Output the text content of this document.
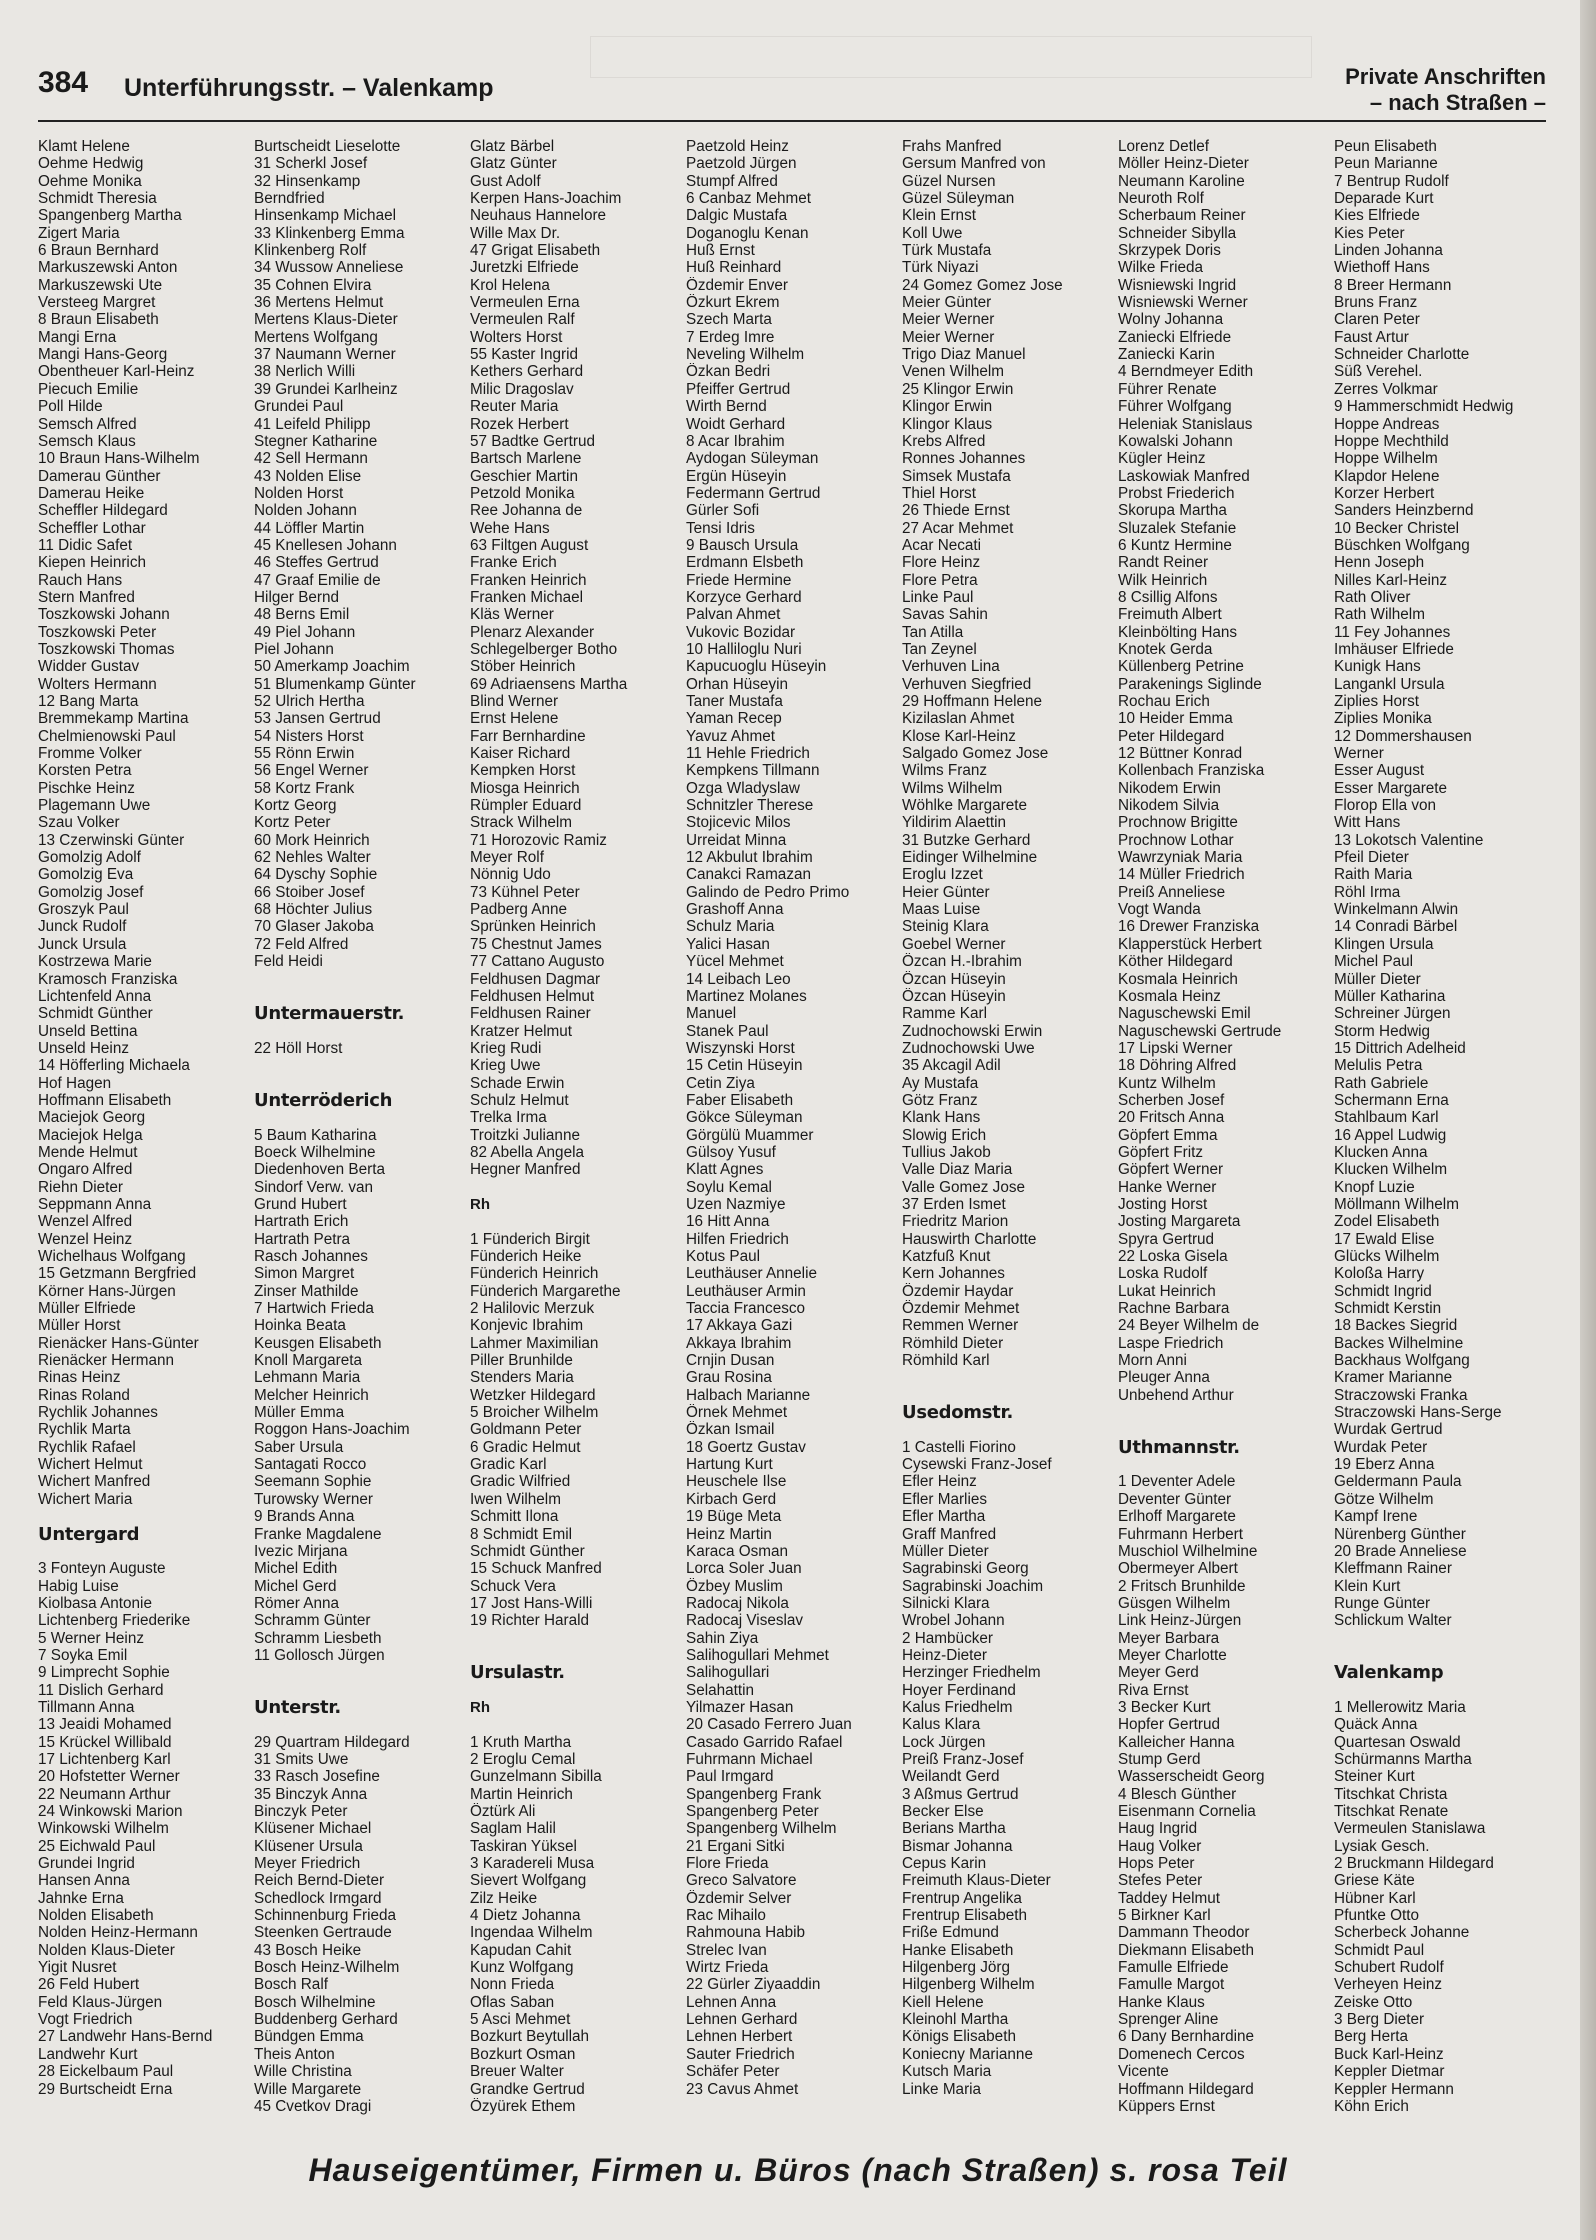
384 Unterführungsstr. – Valenkamp	Private Anschriften
– nach Straßen –
Klamt Helene
Oehme Hedwig
Oehme Monika
Schmidt Theresia
Spangenberg Martha
Zigert Maria
6 Braun Bernhard
Markuszewski Anton
Markuszewski Ute
Versteeg Margret
8 Braun Elisabeth
Mangi Erna
Mangi Hans-Georg
Obentheuer Karl-Heinz
Piecuch Emilie
Poll Hilde
Semsch Alfred
Semsch Klaus
10 Braun Hans-Wilhelm
Damerau Günther
Damerau Heike
Scheffler Hildegard
Scheffler Lothar
11 Didic Safet
Kiepen Heinrich
Rauch Hans
Stern Manfred
Toszkowski Johann
Toszkowski Peter
Toszkowski Thomas
Widder Gustav
Wolters Hermann
12 Bang Marta
Bremmekamp Martina
Chelmienowski Paul
Fromme Volker
Korsten Petra
Pischke Heinz
Plagemann Uwe
Szau Volker
13 Czerwinski Günter
Gomolzig Adolf
Gomolzig Eva
Gomolzig Josef
Groszyk Paul
Junck Rudolf
Junck Ursula
Kostrzewa Marie
Kramosch Franziska
Lichtenfeld Anna
Schmidt Günther
Unseld Bettina
Unseld Heinz
14 Höfferling Michaela
Hof Hagen
Hoffmann Elisabeth
Maciejok Georg
Maciejok Helga
Mende Helmut
Ongaro Alfred
Riehn Dieter
Seppmann Anna
Wenzel Alfred
Wenzel Heinz
Wichelhaus Wolfgang
15 Getzmann Bergfried
Körner Hans-Jürgen
Müller Elfriede
Müller Horst
Rienäcker Hans-Günter
Rienäcker Hermann
Rinas Heinz
Rinas Roland
Rychlik Johannes
Rychlik Marta
Rychlik Rafael
Wichert Helmut
Wichert Manfred
Wichert Maria
Untergard
3 Fonteyn Auguste
Habig Luise
Kiolbasa Antonie
Lichtenberg Friederike
5 Werner Heinz
7 Soyka Emil
9 Limprecht Sophie
11 Dislich Gerhard
Tillmann Anna
13 Jeaidi Mohamed
15 Krückel Willibald
17 Lichtenberg Karl
20 Hofstetter Werner
22 Neumann Arthur
24 Winkowski Marion
Winkowski Wilhelm
25 Eichwald Paul
Grundei Ingrid
Hansen Anna
Jahnke Erna
Nolden Elisabeth
Nolden Heinz-Hermann
Nolden Klaus-Dieter
Yigit Nusret
26 Feld Hubert
Feld Klaus-Jürgen
Vogt Friedrich
27 Landwehr Hans-Bernd
Landwehr Kurt
28 Eickelbaum Paul
29 Burtscheidt Erna
Burtscheidt Lieselotte
31 Scherkl Josef
32 Hinsenkamp
Berndfried
Hinsenkamp Michael
33 Klinkenberg Emma
Klinkenberg Rolf
34 Wussow Anneliese
35 Cohnen Elvira
36 Mertens Helmut
Mertens Klaus-Dieter
Mertens Wolfgang
37 Naumann Werner
38 Nerlich Willi
39 Grundei Karlheinz
Grundei Paul
41 Leifeld Philipp
Stegner Katharine
42 Sell Hermann
43 Nolden Elise
Nolden Horst
Nolden Johann
44 Löffler Martin
45 Knellesen Johann
46 Steffes Gertrud
47 Graaf Emilie de
Hilger Bernd
48 Berns Emil
49 Piel Johann
Piel Johann
50 Amerkamp Joachim
51 Blumenkamp Günter
52 Ulrich Hertha
53 Jansen Gertrud
54 Nisters Horst
55 Rönn Erwin
56 Engel Werner
58 Kortz Frank
Kortz Georg
Kortz Peter
60 Mork Heinrich
62 Nehles Walter
64 Dyschy Sophie
66 Stoiber Josef
68 Höchter Julius
70 Glaser Jakoba
72 Feld Alfred
Feld Heidi
Untermauerstr.
22 Höll Horst
Unterröderich
5 Baum Katharina
Boeck Wilhelmine
Diedenhoven Berta
Sindorf Verw. van
Grund Hubert
Hartrath Erich
Hartrath Petra
Rasch Johannes
Simon Margret
Zinser Mathilde
7 Hartwich Frieda
Hoinka Beata
Keusgen Elisabeth
Knoll Margareta
Lehmann Maria
Melcher Heinrich
Müller Emma
Roggon Hans-Joachim
Saber Ursula
Santagati Rocco
Seemann Sophie
Turowsky Werner
9 Brands Anna
Franke Magdalene
Ivezic Mirjana
Michel Edith
Michel Gerd
Römer Anna
Schramm Günter
Schramm Liesbeth
11 Gollosch Jürgen
Unterstr.
29 Quartram Hildegard
31 Smits Uwe
33 Rasch Josefine
35 Binczyk Anna
Binczyk Peter
Klüsener Michael
Klüsener Ursula
Meyer Friedrich
Reich Bernd-Dieter
Schedlock Irmgard
Schinnenburg Frieda
Steenken Gertraude
43 Bosch Heike
Bosch Heinz-Wilhelm
Bosch Ralf
Bosch Wilhelmine
Buddenberg Gerhard
Bündgen Emma
Theis Anton
Wille Christina
Wille Margarete
45 Cvetkov Dragi
Glatz Bärbel
Glatz Günter
Gust Adolf
Kerpen Hans-Joachim
Neuhaus Hannelore
Wille Max Dr.
47 Grigat Elisabeth
Juretzki Elfriede
Krol Helena
Vermeulen Erna
Vermeulen Ralf
Wolters Horst
55 Kaster Ingrid
Kethers Gerhard
Milic Dragoslav
Reuter Maria
Rozek Herbert
57 Badtke Gertrud
Bartsch Marlene
Geschier Martin
Petzold Monika
Ree Johanna de
Wehe Hans
63 Filtgen August
Franke Erich
Franken Heinrich
Franken Michael
Kläs Werner
Plenarz Alexander
Schlegelberger Botho
Stöber Heinrich
69 Adriaensens Martha
Blind Werner
Ernst Helene
Farr Bernhardine
Kaiser Richard
Kempken Horst
Miosga Heinrich
Rümpler Eduard
Strack Wilhelm
71 Horozovic Ramiz
Meyer Rolf
Nönnig Udo
73 Kühnel Peter
Padberg Anne
Sprünken Heinrich
75 Chestnut James
77 Cattano Augusto
Feldhusen Dagmar
Feldhusen Helmut
Feldhusen Rainer
Kratzer Helmut
Krieg Rudi
Krieg Uwe
Schade Erwin
Schulz Helmut
Trelka Irma
Troitzki Julianne
82 Abella Angela
Hegner Manfred
Rh
1 Fünderich Birgit
Fünderich Heike
Fünderich Heinrich
Fünderich Margarethe
2 Halilovic Merzuk
Konjevic Ibrahim
Lahmer Maximilian
Piller Brunhilde
Stenders Maria
Wetzker Hildegard
5 Broicher Wilhelm
Goldmann Peter
6 Gradic Helmut
Gradic Karl
Gradic Wilfried
Iwen Wilhelm
Schmitt Ilona
8 Schmidt Emil
Schmidt Günther
15 Schuck Manfred
Schuck Vera
17 Jost Hans-Willi
19 Richter Harald
Ursulastr.
Rh
1 Kruth Martha
2 Eroglu Cemal
Gunzelmann Sibilla
Martin Heinrich
Öztürk Ali
Saglam Halil
Taskiran Yüksel
3 Karadereli Musa
Sievert Wolfgang
Zilz Heike
4 Dietz Johanna
Ingendaa Wilhelm
Kapudan Cahit
Kunz Wolfgang
Nonn Frieda
Oflas Saban
5 Asci Mehmet
Bozkurt Beytullah
Bozkurt Osman
Breuer Walter
Grandke Gertrud
Özyürek Ethem
Paetzold Heinz
Paetzold Jürgen
Stumpf Alfred
6 Canbaz Mehmet
Dalgic Mustafa
Doganoglu Kenan
Huß Ernst
Huß Reinhard
Özdemir Enver
Özkurt Ekrem
Szech Marta
7 Erdeg Imre
Neveling Wilhelm
Özkan Bedri
Pfeiffer Gertrud
Wirth Bernd
Woidt Gerhard
8 Acar Ibrahim
Aydogan Süleyman
Ergün Hüseyin
Federmann Gertrud
Gürler Sofi
Tensi Idris
9 Bausch Ursula
Erdmann Elsbeth
Friede Hermine
Korzyce Gerhard
Palvan Ahmet
Vukovic Bozidar
10 Halliloglu Nuri
Kapucuoglu Hüseyin
Orhan Hüseyin
Taner Mustafa
Yaman Recep
Yavuz Ahmet
11 Hehle Friedrich
Kempkens Tillmann
Ozga Wladyslaw
Schnitzler Therese
Stojicevic Milos
Urreidat Minna
12 Akbulut Ibrahim
Canakci Ramazan
Galindo de Pedro Primo
Grashoff Anna
Schulz Maria
Yalici Hasan
Yücel Mehmet
14 Leibach Leo
Martinez Molanes
Manuel
Stanek Paul
Wiszynski Horst
15 Cetin Hüseyin
Cetin Ziya
Faber Elisabeth
Gökce Süleyman
Görgülü Muammer
Gülsoy Yusuf
Klatt Agnes
Soylu Kemal
Uzen Nazmiye
16 Hitt Anna
Hilfen Friedrich
Kotus Paul
Leuthäuser Annelie
Leuthäuser Armin
Taccia Francesco
17 Akkaya Gazi
Akkaya Ibrahim
Crnjin Dusan
Grau Rosina
Halbach Marianne
Örnek Mehmet
Özkan Ismail
18 Goertz Gustav
Hartung Kurt
Heuschele Ilse
Kirbach Gerd
19 Büge Meta
Heinz Martin
Karaca Osman
Lorca Soler Juan
Özbey Muslim
Radocaj Nikola
Radocaj Viseslav
Sahin Ziya
Salihogullari Mehmet
Salihogullari
Selahattin
Yilmazer Hasan
20 Casado Ferrero Juan
Casado Garrido Rafael
Fuhrmann Michael
Paul Irmgard
Spangenberg Frank
Spangenberg Peter
Spangenberg Wilhelm
21 Ergani Sitki
Flore Frieda
Greco Salvatore
Özdemir Selver
Rac Mihailo
Rahmouna Habib
Strelec Ivan
Wirtz Frieda
22 Gürler Ziyaaddin
Lehnen Anna
Lehnen Gerhard
Lehnen Herbert
Sauter Friedrich
Schäfer Peter
23 Cavus Ahmet
Frahs Manfred
Gersum Manfred von
Güzel Nursen
Güzel Süleyman
Klein Ernst
Koll Uwe
Türk Mustafa
Türk Niyazi
24 Gomez Gomez Jose
Meier Günter
Meier Werner
Meier Werner
Trigo Diaz Manuel
Venen Wilhelm
25 Klingor Erwin
Klingor Erwin
Klingor Klaus
Krebs Alfred
Ronnes Johannes
Simsek Mustafa
Thiel Horst
26 Thiede Ernst
27 Acar Mehmet
Acar Necati
Flore Heinz
Flore Petra
Linke Paul
Savas Sahin
Tan Atilla
Tan Zeynel
Verhuven Lina
Verhuven Siegfried
29 Hoffmann Helene
Kizilaslan Ahmet
Klose Karl-Heinz
Salgado Gomez Jose
Wilms Franz
Wilms Wilhelm
Wöhlke Margarete
Yildirim Alaettin
31 Butzke Gerhard
Eidinger Wilhelmine
Eroglu Izzet
Heier Günter
Maas Luise
Steinig Klara
Goebel Werner
Özcan H.-Ibrahim
Özcan Hüseyin
Özcan Hüseyin
Ramme Karl
Zudnochowski Erwin
Zudnochowski Uwe
35 Akcagil Adil
Ay Mustafa
Götz Franz
Klank Hans
Slowig Erich
Tullius Jakob
Valle Diaz Maria
Valle Gomez Jose
37 Erden Ismet
Friedritz Marion
Hauswirth Charlotte
Katzfuß Knut
Kern Johannes
Özdemir Haydar
Özdemir Mehmet
Remmen Werner
Römhild Dieter
Römhild Karl
Usedomstr.
1 Castelli Fiorino
Cysewski Franz-Josef
Efler Heinz
Efler Marlies
Efler Martha
Graff Manfred
Müller Dieter
Sagrabinski Georg
Sagrabinski Joachim
Silnicki Klara
Wrobel Johann
2 Hambücker
Heinz-Dieter
Herzinger Friedhelm
Hoyer Ferdinand
Kalus Friedhelm
Kalus Klara
Lock Jürgen
Preiß Franz-Josef
Weilandt Gerd
3 Aßmus Gertrud
Becker Else
Berians Martha
Bismar Johanna
Cepus Karin
Freimuth Klaus-Dieter
Frentrup Angelika
Frentrup Elisabeth
Friße Edmund
Hanke Elisabeth
Hilgenberg Jörg
Hilgenberg Wilhelm
Kiell Helene
Kleinohl Martha
Königs Elisabeth
Koniecny Marianne
Kutsch Maria
Linke Maria
Lorenz Detlef
Möller Heinz-Dieter
Neumann Karoline
Neuroth Rolf
Scherbaum Reiner
Schneider Sibylla
Skrzypek Doris
Wilke Frieda
Wisniewski Ingrid
Wisniewski Werner
Wolny Johanna
Zaniecki Elfriede
Zaniecki Karin
4 Berndmeyer Edith
Führer Renate
Führer Wolfgang
Heleniak Stanislaus
Kowalski Johann
Kügler Heinz
Laskowiak Manfred
Probst Friederich
Skorupa Martha
Sluzalek Stefanie
6 Kuntz Hermine
Randt Reiner
Wilk Heinrich
8 Csillig Alfons
Freimuth Albert
Kleinbölting Hans
Knotek Gerda
Küllenberg Petrine
Parakenings Siglinde
Rochau Erich
10 Heider Emma
Peter Hildegard
12 Büttner Konrad
Kollenbach Franziska
Nikodem Erwin
Nikodem Silvia
Prochnow Brigitte
Prochnow Lothar
Wawrzyniak Maria
14 Müller Friedrich
Preiß Anneliese
Vogt Wanda
16 Drewer Franziska
Klapperstück Herbert
Köther Hildegard
Kosmala Heinrich
Kosmala Heinz
Naguschewski Emil
Naguschewski Gertrude
17 Lipski Werner
18 Döhring Alfred
Kuntz Wilhelm
Scherben Josef
20 Fritsch Anna
Göpfert Emma
Göpfert Fritz
Göpfert Werner
Hanke Werner
Josting Horst
Josting Margareta
Spyra Gertrud
22 Loska Gisela
Loska Rudolf
Lukat Heinrich
Rachne Barbara
24 Beyer Wilhelm de
Laspe Friedrich
Morn Anni
Pleuger Anna
Unbehend Arthur
Uthmannstr.
1 Deventer Adele
Deventer Günter
Erlhoff Margarete
Fuhrmann Herbert
Muschiol Wilhelmine
Obermeyer Albert
2 Fritsch Brunhilde
Güsgen Wilhelm
Link Heinz-Jürgen
Meyer Barbara
Meyer Charlotte
Meyer Gerd
Riva Ernst
3 Becker Kurt
Hopfer Gertrud
Kalleicher Hanna
Stump Gerd
Wasserscheidt Georg
4 Blesch Günther
Eisenmann Cornelia
Haug Ingrid
Haug Volker
Hops Peter
Stefes Peter
Taddey Helmut
5 Birkner Karl
Dammann Theodor
Diekmann Elisabeth
Famulle Elfriede
Famulle Margot
Hanke Klaus
Sprenger Aline
6 Dany Bernhardine
Domenech Cercos
Vicente
Hoffmann Hildegard
Küppers Ernst
Peun Elisabeth
Peun Marianne
7 Bentrup Rudolf
Deparade Kurt
Kies Elfriede
Kies Peter
Linden Johanna
Wiethoff Hans
8 Breer Hermann
Bruns Franz
Claren Peter
Faust Artur
Schneider Charlotte
Süß Verehel.
Zerres Volkmar
9 Hammerschmidt Hedwig
Hoppe Andreas
Hoppe Mechthild
Hoppe Wilhelm
Klapdor Helene
Korzer Herbert
Sanders Heinzbernd
10 Becker Christel
Büschken Wolfgang
Henn Joseph
Nilles Karl-Heinz
Rath Oliver
Rath Wilhelm
11 Fey Johannes
Imhäuser Elfriede
Kunigk Hans
Langankl Ursula
Ziplies Horst
Ziplies Monika
12 Dommershausen
Werner
Esser August
Esser Margarete
Florop Ella von
Witt Hans
13 Lokotsch Valentine
Pfeil Dieter
Raith Maria
Röhl Irma
Winkelmann Alwin
14 Conradi Bärbel
Klingen Ursula
Michel Paul
Müller Dieter
Müller Katharina
Schreiner Jürgen
Storm Hedwig
15 Dittrich Adelheid
Melulis Petra
Rath Gabriele
Schermann Erna
Stahlbaum Karl
16 Appel Ludwig
Klucken Anna
Klucken Wilhelm
Knopf Luzie
Möllmann Wilhelm
Zodel Elisabeth
17 Ewald Elise
Glücks Wilhelm
Koloßa Harry
Schmidt Ingrid
Schmidt Kerstin
18 Backes Siegrid
Backes Wilhelmine
Backhaus Wolfgang
Kramer Marianne
Straczowski Franka
Straczowski Hans-Serge
Wurdak Gertrud
Wurdak Peter
19 Eberz Anna
Geldermann Paula
Götze Wilhelm
Kampf Irene
Nürenberg Günther
20 Brade Anneliese
Kleffmann Rainer
Klein Kurt
Runge Günter
Schlickum Walter
Valenkamp
1 Mellerowitz Maria
Quäck Anna
Quartesan Oswald
Schürmanns Martha
Steiner Kurt
Titschkat Christa
Titschkat Renate
Vermeulen Stanislawa
Lysiak Gesch.
2 Bruckmann Hildegard
Griese Käte
Hübner Karl
Pfuntke Otto
Scherbeck Johanne
Schmidt Paul
Schubert Rudolf
Verheyen Heinz
Zeiske Otto
3 Berg Dieter
Berg Herta
Buck Karl-Heinz
Keppler Dietmar
Keppler Hermann
Köhn Erich
Hauseigentümer, Firmen u. Büros (nach Straßen) s. rosa Teil
